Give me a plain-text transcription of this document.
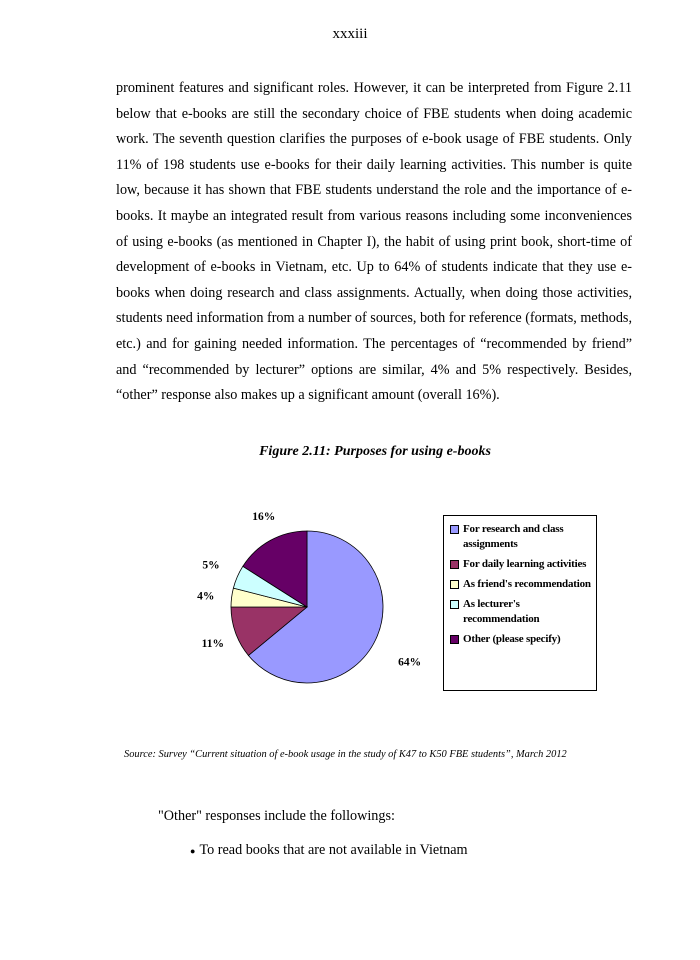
xxxiii

prominent features and significant roles. However, it can be interpreted from Figure 2.11 below that e-books are still the secondary choice of FBE students when doing academic work. The seventh question clarifies the purposes of e-book usage of FBE students. Only 11% of 198 students use e-books for their daily learning activities. This number is quite low, because it has shown that FBE students understand the role and the importance of e-books. It maybe an integrated result from various reasons including some inconveniences of using e-books (as mentioned in Chapter I), the habit of using print book, short-time of development of e-books in Vietnam, etc. Up to 64% of students indicate that they use e-books when doing research and class assignments. Actually, when doing those activities, students need information from a number of sources, both for reference (formats, methods, etc.) and for gaining needed information. The percentages of “recommended by friend” and “recommended by lecturer” options are similar, 4% and 5% respectively. Besides, “other” response also makes up a significant amount (overall 16%).

Figure 2.11: Purposes for using e-books
64%
11%
4%
5%
16%
For research and class assignments
For daily learning activities
As friend's recommendation
As lecturer's recommendation
Other (please specify)
Source: Survey “Current situation of e-book usage in the study of K47 to K50 FBE students”, March 2012
"Other" responses include the followings:
● To read books that are not available in Vietnam
